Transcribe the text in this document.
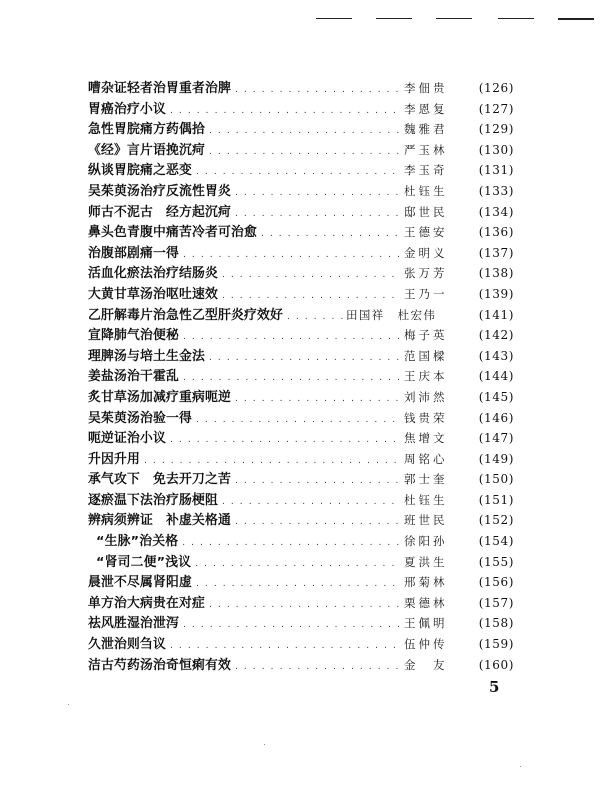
嘈杂证轻者治胃重者治脾 . . .	李佃贵	(126)
胃癌治疗小议 . . .	李恩复	(127)
急性胃脘痛方药偶拾 . . .	魏雅君	(129)
《经》言片语挽沉疴 . . .	严玉林	(130)
纵谈胃脘痛之恶变 . . .	李玉奇	(131)
吴茱萸汤治疗反流性胃炎 . . .	杜钰生	(133)
师古不泥古　经方起沉疴 . . .	邸世民	(134)
鼻头色青腹中痛苦冷者可治愈 . . .	王德安	(136)
治腹部剧痛一得 . . .	金明义	(137)
活血化瘀法治疗结肠炎 . . .	张万芳	(138)
大黄甘草汤治呕吐速效 . . .	王乃一	(139)
乙肝解毒片治急性乙型肝炎疗效好 . . .	田国祥　杜宏伟	(141)
宣降肺气治便秘 . . .	梅子英	(142)
理脾汤与培土生金法 . . .	范国樑	(143)
姜盐汤治干霍乱 . . .	王庆本	(144)
炙甘草汤加减疗重病呃逆 . . .	刘沛然	(145)
吴茱萸汤治验一得 . . .	钱贵荣	(146)
呃逆证治小议 . . .	焦增文	(147)
升因升用 . . .	周铭心	(149)
承气攻下　免去开刀之苦 . . .	郭士奎	(150)
逐瘀温下法治疗肠梗阻 . . .	杜钰生	(151)
辨病须辨证　补虚关格通 . . .	班世民	(152)
“生脉”治关格 . . .	徐阳孙	(154)
“肾司二便”浅议 . . .	夏洪生	(155)
晨泄不尽属肾阳虚 . . .	邢菊林	(156)
单方治大病贵在对症 . . .	栗德林	(157)
祛风胜湿治泄泻 . . .	王佩明	(158)
久泄治则刍议 . . .	伍仲传	(159)
洁古芍药汤治奇恒痢有效 . . .	金　友	(160)
5
